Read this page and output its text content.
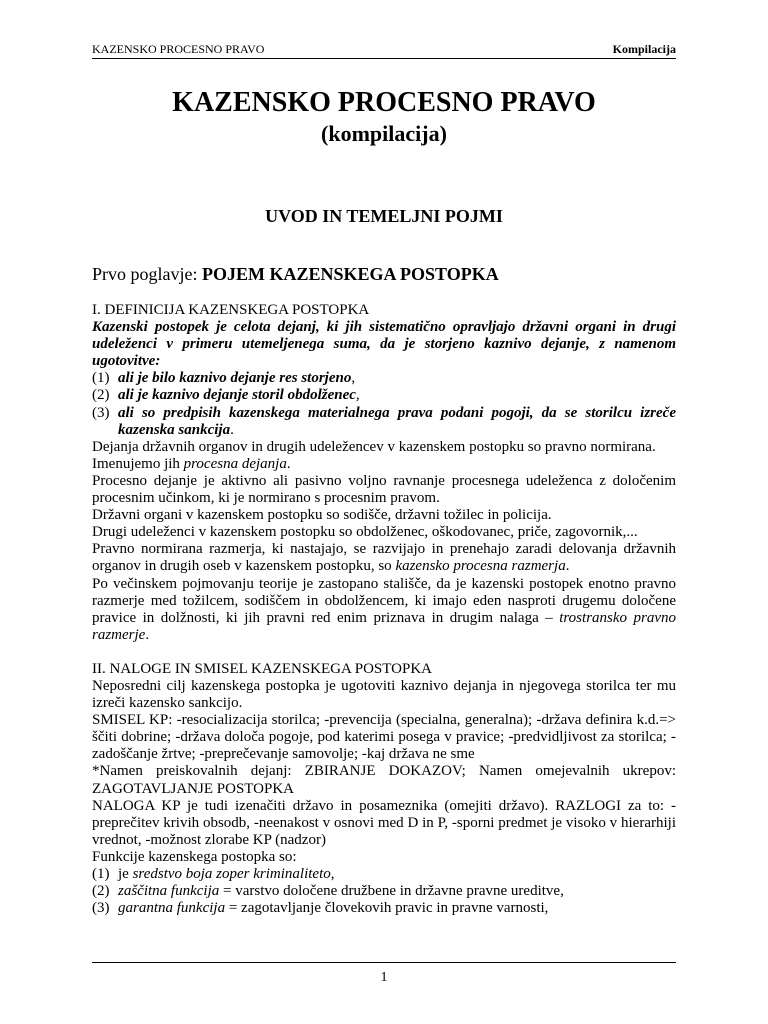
KAZENSKO PROCESNO PRAVO	Kompilacija
KAZENSKO PROCESNO PRAVO
(kompilacija)
UVOD IN TEMELJNI POJMI
Prvo poglavje: POJEM KAZENSKEGA POSTOPKA

I. DEFINICIJA KAZENSKEGA POSTOPKA

Kazenski postopek je celota dejanj, ki jih sistematično opravljajo državni organi in drugi udeleženci v primeru utemeljenega suma, da je storjeno kaznivo dejanje, z namenom ugotovitve:

(1) ali je bilo kaznivo dejanje res storjeno,
(2) ali je kaznivo dejanje storil obdolženec,
(3) ali so predpisih kazenskega materialnega prava podani pogoji, da se storilcu izreče kazenska sankcija.

Dejanja državnih organov in drugih udeležencev v kazenskem postopku so pravno normirana.

Imenujemo jih procesna dejanja.

Procesno dejanje je aktivno ali pasivno voljno ravnanje procesnega udeleženca z določenim procesnim učinkom, ki je normirano s procesnim pravom.

Državni organi v kazenskem postopku so sodišče, državni tožilec in policija.

Drugi udeleženci v kazenskem postopku so obdolženec, oškodovanec, priče, zagovornik,...

Pravno normirana razmerja, ki nastajajo, se razvijajo in prenehajo zaradi delovanja državnih organov in drugih oseb v kazenskem postopku, so kazensko procesna razmerja.

Po večinskem pojmovanju teorije je zastopano stališče, da je kazenski postopek enotno pravno razmerje med tožilcem, sodiščem in obdolžencem, ki imajo eden nasproti drugemu določene pravice in dolžnosti, ki jih pravni red enim priznava in drugim nalaga – trostransko pravno razmerje.

II. NALOGE IN SMISEL KAZENSKEGA POSTOPKA

Neposredni cilj kazenskega postopka je ugotoviti kaznivo dejanja in njegovega storilca ter mu izreči kazensko sankcijo.

SMISEL KP: -resocializacija storilca; -prevencija (specialna, generalna); -država definira k.d.=> ščiti dobrine; -država določa pogoje, pod katerimi posega v pravice; -predvidljivost za storilca; -zadoščanje žrtve; -preprečevanje samovolje; -kaj država ne sme

*Namen preiskovalnih dejanj: ZBIRANJE DOKAZOV; Namen omejevalnih ukrepov: ZAGOTAVLJANJE POSTOPKA

NALOGA KP je tudi izenačiti državo in posameznika (omejiti državo). RAZLOGI za to: -preprečitev krivih obsodb, -neenakost v osnovi med D in P, -sporni predmet je visoko v hierarhiji vrednot, -možnost zlorabe KP (nadzor)

Funkcije kazenskega postopka so:

(1) je sredstvo boja zoper kriminaliteto,
(2) zaščitna funkcija = varstvo določene družbene in državne pravne ureditve,
(3) garantna funkcija = zagotavljanje človekovih pravic in pravne varnosti,
1
